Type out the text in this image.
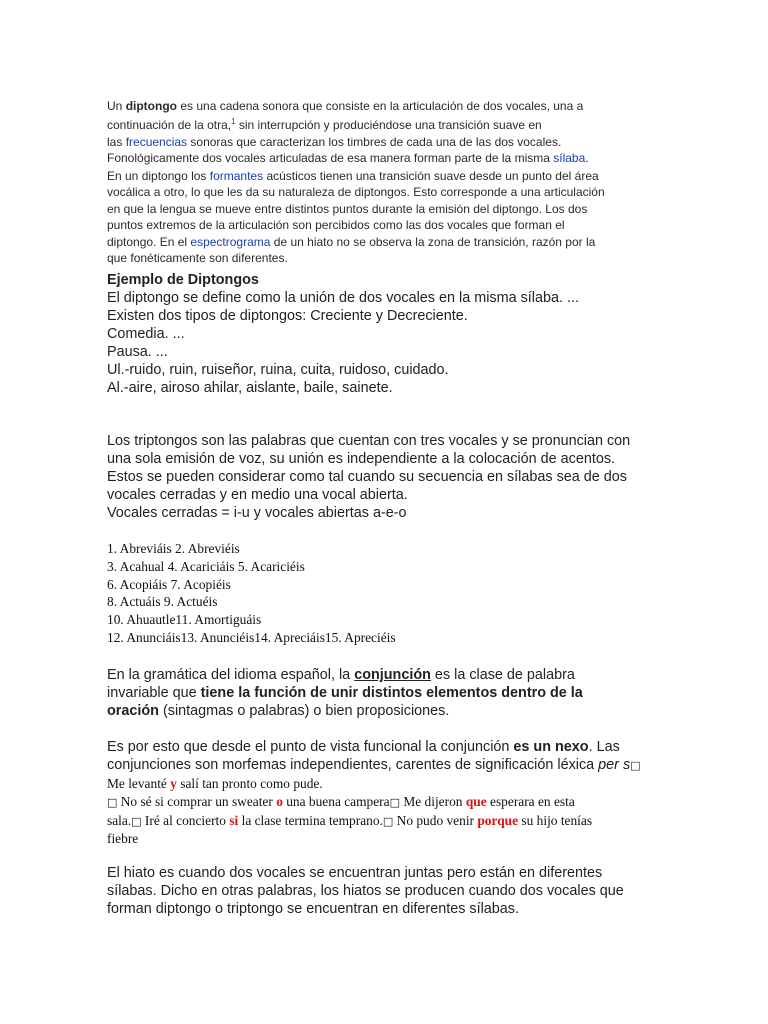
Un diptongo es una cadena sonora que consiste en la articulación de dos vocales, una a
continuación de la otra,$^1$ sin interrupción y produciéndose una transición suave en
las frecuencias sonoras que caracterizan los timbres de cada una de las dos vocales.
Fonológicamente dos vocales articuladas de esa manera forman parte de la misma sílaba.
En un diptongo los formantes acústicos tienen una transición suave desde un punto del área
vocálica a otro, lo que les da su naturaleza de diptongos. Esto corresponde a una articulación
en que la lengua se mueve entre distintos puntos durante la emisión del diptongo. Los dos
puntos extremos de la articulación son percibidos como las dos vocales que forman el
diptongo. En el espectrograma de un hiato no se observa la zona de transición, razón por la
que fonéticamente son diferentes.
Ejemplo de Diptongos
El diptongo se define como la unión de dos vocales en la misma sílaba. ...
Existen dos tipos de diptongos: Creciente y Decreciente.
Comedia. ...
Pausa. ...
Ul.-ruido, ruin, ruiseñor, ruina, cuita, ruidoso, cuidado.
Al.-aire, airoso ahilar, aislante, baile, sainete.
Los triptongos son las palabras que cuentan con tres vocales y se pronuncian con
una sola emisión de voz, su unión es independiente a la colocación de acentos.
Estos se pueden considerar como tal cuando su secuencia en sílabas sea de dos
vocales cerradas y en medio una vocal abierta.
Vocales cerradas = i-u y vocales abiertas a-e-o
1. Abreviáis 2. Abreviéis
3. Acahual 4. Acariciáis 5. Acariciéis
6. Acopiáis 7. Acopiéis
8. Actuáis 9. Actuéis
10. Ahuautle11. Amortiguáis
12. Anunciáis13. Anunciéis14. Apreciáis15. Apreciéis
En la gramática del idioma español, la conjunción es la clase de palabra
invariable que tiene la función de unir distintos elementos dentro de la
oración (sintagmas o palabras) o bien proposiciones.
Es por esto que desde el punto de vista funcional la conjunción es un nexo. Las
conjunciones son morfemas independientes, carentes de significación léxica per s□
Me levanté y salí tan pronto como pude.
□ No sé si comprar un sweater o una buena campera□ Me dijeron que esperara en esta
sala.□ Iré al concierto si la clase termina temprano.□ No pudo venir porque su hijo tenías
fiebre
El hiato es cuando dos vocales se encuentran juntas pero están en diferentes
sílabas. Dicho en otras palabras, los hiatos se producen cuando dos vocales que
forman diptongo o triptongo se encuentran en diferentes sílabas.
